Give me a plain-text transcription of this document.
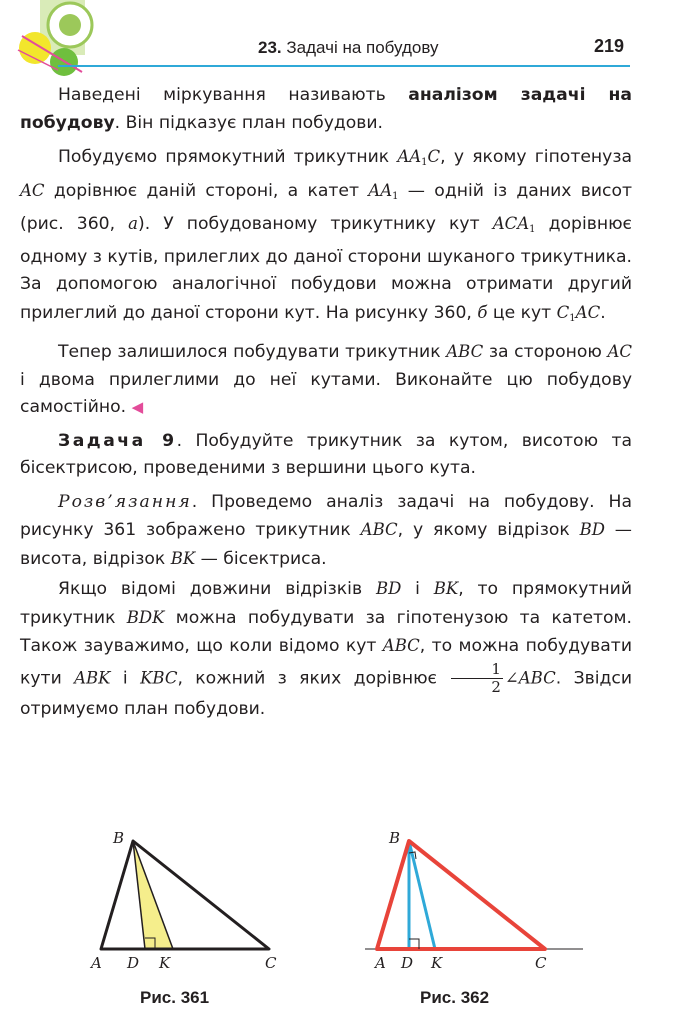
23. Задачі на побудову	219

Наведені міркування називають аналізом задачі на побудову. Він підказує план побудови.

Побудуємо прямокутний трикутник $AA_1C$, у якому гіпотенуза AC дорівнює даній стороні, а катет $AA_1$ — одній із даних висот (рис. 360, а). У побудованому трикутнику кут $ACA_1$ дорівнює одному з кутів, прилеглих до даної сторони шуканого трикутника. За допомогою аналогічної побудови можна отримати другий прилеглий до даної сторони кут. На рисунку 360, б це кут $C_1AC$.

Тепер залишилося побудувати трикутник ABC за стороною AC і двома прилеглими до неї кутами. Виконайте цю побудову самостійно. ◀

Задача 9. Побудуйте трикутник за кутом, висотою та бісектрисою, проведеними з вершини цього кута.

Розв’язання. Проведемо аналіз задачі на побудову. На рисунку 361 зображено трикутник ABC, у якому відрізок BD — висота, відрізок BK — бісектриса.

Якщо відомі довжини відрізків BD і BK, то прямокутний трикутник BDK можна побудувати за гіпотенузою та катетом. Також зауважимо, що коли відомо кут ABC, то можна побудувати кути ABK і KBC, кожний з яких дорівнює $\frac{1}{2}$ ∠ABC. Звідси отримуємо план побудови.

B
A D K	C
Рис. 361
B
A D K	C
Рис. 362
